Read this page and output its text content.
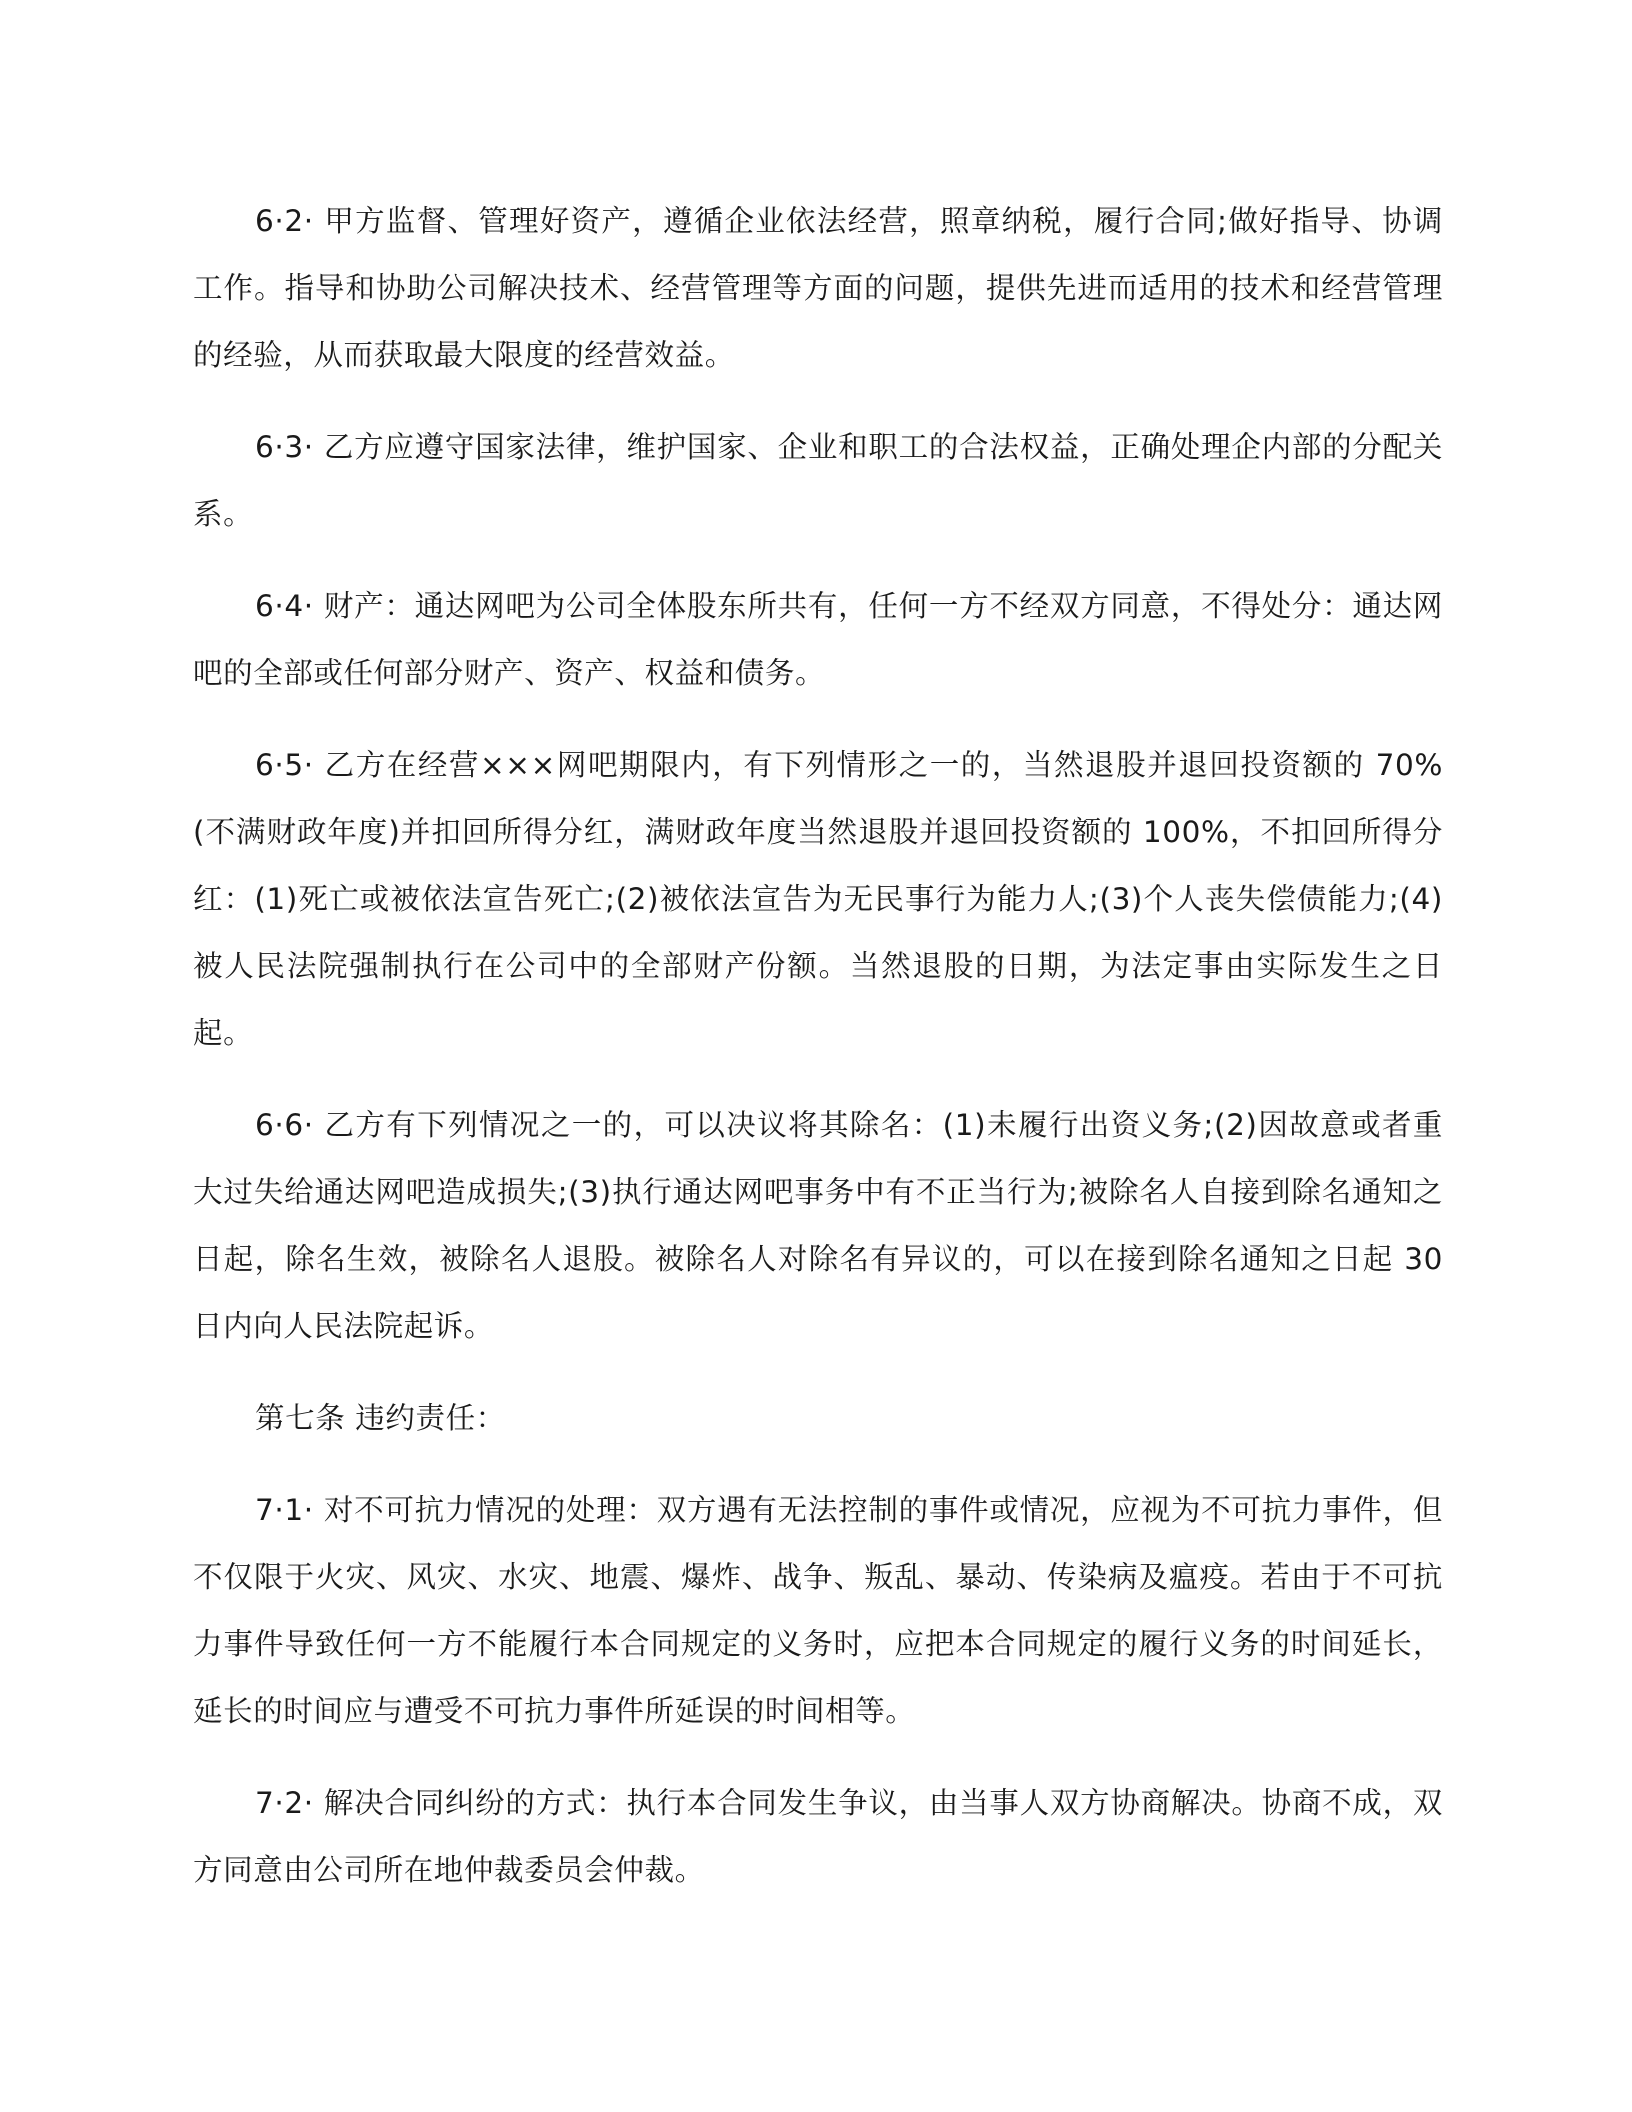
6·2· 甲方监督、管理好资产，遵循企业依法经营，照章纳税，履行合同;做好指导、协调工作。指导和协助公司解决技术、经营管理等方面的问题，提供先进而适用的技术和经营管理的经验，从而获取最大限度的经营效益。

6·3· 乙方应遵守国家法律，维护国家、企业和职工的合法权益，正确处理企内部的分配关系。

6·4· 财产：通达网吧为公司全体股东所共有，任何一方不经双方同意，不得处分：通达网吧的全部或任何部分财产、资产、权益和债务。

6·5· 乙方在经营×××网吧期限内，有下列情形之一的，当然退股并退回投资额的 70%(不满财政年度)并扣回所得分红，满财政年度当然退股并退回投资额的 100%，不扣回所得分红：(1)死亡或被依法宣告死亡;(2)被依法宣告为无民事行为能力人;(3)个人丧失偿债能力;(4)被人民法院强制执行在公司中的全部财产份额。当然退股的日期，为法定事由实际发生之日起。

6·6· 乙方有下列情况之一的，可以决议将其除名：(1)未履行出资义务;(2)因故意或者重大过失给通达网吧造成损失;(3)执行通达网吧事务中有不正当行为;被除名人自接到除名通知之日起，除名生效，被除名人退股。被除名人对除名有异议的，可以在接到除名通知之日起 30 日内向人民法院起诉。

第七条 违约责任：

7·1· 对不可抗力情况的处理：双方遇有无法控制的事件或情况，应视为不可抗力事件，但不仅限于火灾、风灾、水灾、地震、爆炸、战争、叛乱、暴动、传染病及瘟疫。若由于不可抗力事件导致任何一方不能履行本合同规定的义务时，应把本合同规定的履行义务的时间延长，延长的时间应与遭受不可抗力事件所延误的时间相等。

7·2· 解决合同纠纷的方式：执行本合同发生争议，由当事人双方协商解决。协商不成，双方同意由公司所在地仲裁委员会仲裁。
